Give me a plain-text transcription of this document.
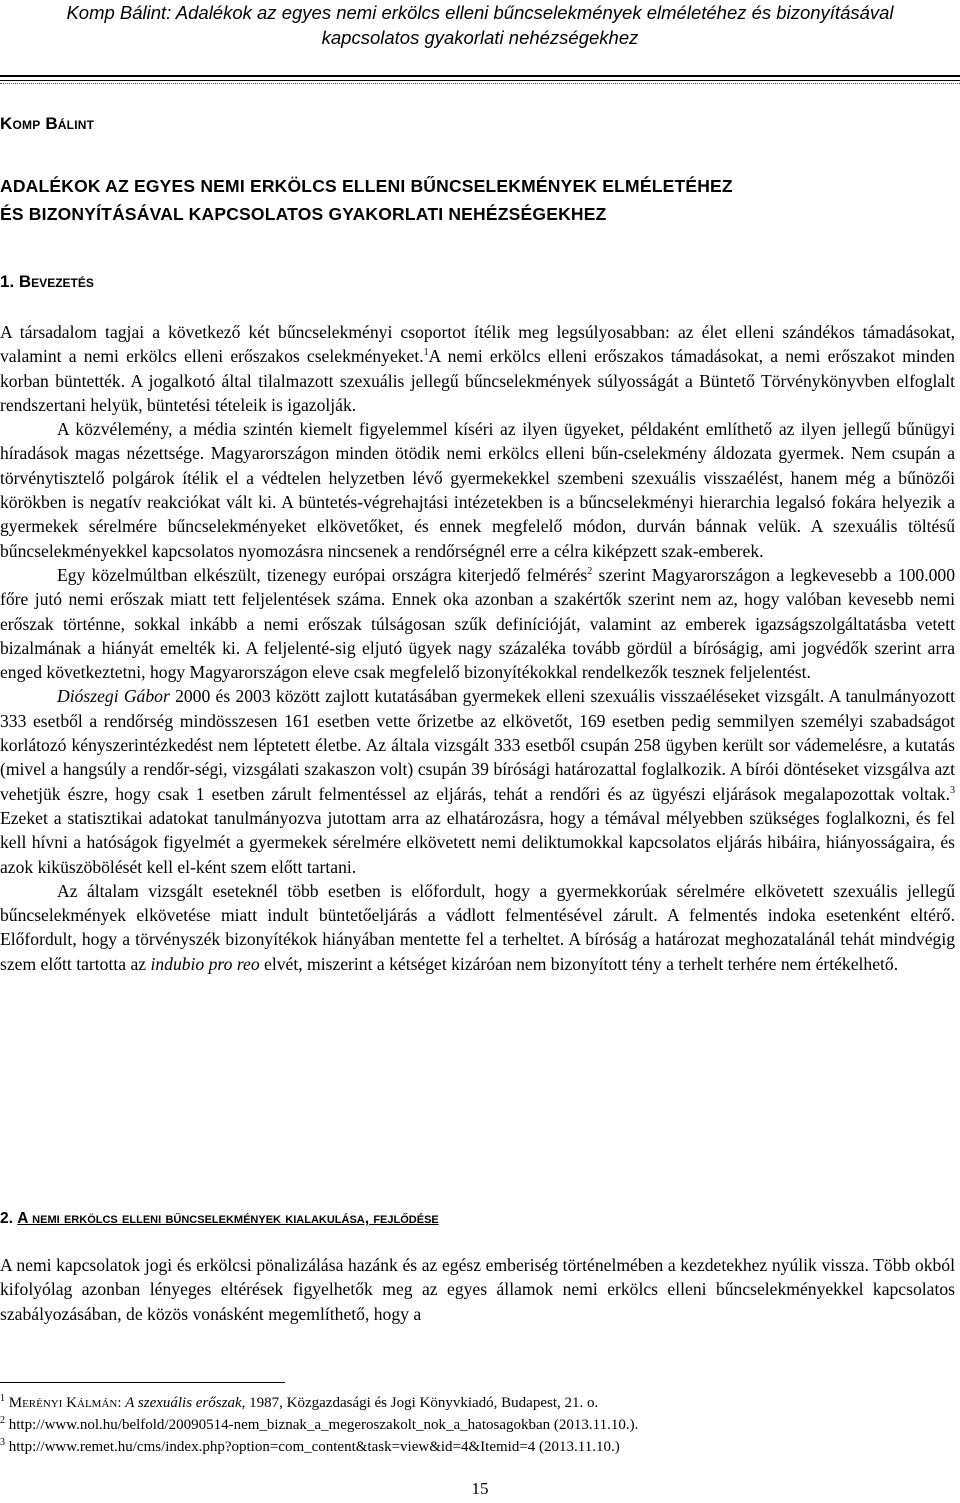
Komp Bálint: Adalékok az egyes nemi erkölcs elleni bűncselekmények elméletéhez és bizonyításával
kapcsolatos gyakorlati nehézségekhez
Komp Bálint
ADALÉKOK AZ EGYES NEMI ERKÖLCS ELLENI BŰNCSELEKMÉNYEK ELMÉLETÉHEZ
ÉS BIZONYÍTÁSÁVAL KAPCSOLATOS GYAKORLATI NEHÉZSÉGEKHEZ
1. Bevezetés

A társadalom tagjai a következő két bűncselekményi csoportot ítélik meg legsúlyosabban: az élet elleni szándékos támadásokat, valamint a nemi erkölcs elleni erőszakos cselekményeket.$^1$A nemi erkölcs elleni erőszakos támadásokat, a nemi erőszakot minden korban büntették. A jogalkotó által tilalmazott szexuális jellegű bűncselekmények súlyosságát a Büntető Törvénykönyvben elfoglalt rendszertani helyük, büntetési tételeik is igazolják.

A közvélemény, a média szintén kiemelt figyelemmel kíséri az ilyen ügyeket, példaként említhető az ilyen jellegű bűnügyi híradások magas nézettsége. Magyarországon minden ötödik nemi erkölcs elleni bűn-cselekmény áldozata gyermek. Nem csupán a törvénytisztelő polgárok ítélik el a védtelen helyzetben lévő gyermekekkel szembeni szexuális visszaélést, hanem még a bűnözői körökben is negatív reakciókat vált ki. A büntetés-végrehajtási intézetekben is a bűncselekményi hierarchia legalsó fokára helyezik a gyermekek sérelmére bűncselekményeket elkövetőket, és ennek megfelelő módon, durván bánnak velük. A szexuális töltésű bűncselekményekkel kapcsolatos nyomozásra nincsenek a rendőrségnél erre a célra kiképzett szak-emberek.

Egy közelmúltban elkészült, tizenegy európai országra kiterjedő felmérés$^2$ szerint Magyarországon a legkevesebb a 100.000 főre jutó nemi erőszak miatt tett feljelentések száma. Ennek oka azonban a szakértők szerint nem az, hogy valóban kevesebb nemi erőszak történne, sokkal inkább a nemi erőszak túlságosan szűk definícióját, valamint az emberek igazságszolgáltatásba vetett bizalmának a hiányát emelték ki. A feljelenté-sig eljutó ügyek nagy százaléka tovább gördül a bíróságig, ami jogvédők szerint arra enged következtetni, hogy Magyarországon eleve csak megfelelő bizonyítékokkal rendelkezők tesznek feljelentést.

Diószegi Gábor 2000 és 2003 között zajlott kutatásában gyermekek elleni szexuális visszaéléseket vizsgált. A tanulmányozott 333 esetből a rendőrség mindösszesen 161 esetben vette őrizetbe az elkövetőt, 169 esetben pedig semmilyen személyi szabadságot korlátozó kényszerintézkedést nem léptetett életbe. Az általa vizsgált 333 esetből csupán 258 ügyben került sor vádemelésre, a kutatás (mivel a hangsúly a rendőr-ségi, vizsgálati szakaszon volt) csupán 39 bírósági határozattal foglalkozik. A bírói döntéseket vizsgálva azt vehetjük észre, hogy csak 1 esetben zárult felmentéssel az eljárás, tehát a rendőri és az ügyészi eljárások megalapozottak voltak.$^3$ Ezeket a statisztikai adatokat tanulmányozva jutottam arra az elhatározásra, hogy a témával mélyebben szükséges foglalkozni, és fel kell hívni a hatóságok figyelmét a gyermekek sérelmére elkövetett nemi deliktumokkal kapcsolatos eljárás hibáira, hiányosságaira, és azok kiküszöbölését kell el-ként szem előtt tartani.

Az általam vizsgált eseteknél több esetben is előfordult, hogy a gyermekkorúak sérelmére elkövetett szexuális jellegű bűncselekmények elkövetése miatt indult büntetőeljárás a vádlott felmentésével zárult. A felmentés indoka esetenként eltérő. Előfordult, hogy a törvényszék bizonyítékok hiányában mentette fel a terheltet. A bíróság a határozat meghozatalánál tehát mindvégig szem előtt tartotta az indubio pro reo elvét, miszerint a kétséget kizáróan nem bizonyított tény a terhelt terhére nem értékelhető.

2. A nemi erkölcs elleni bűncselekmények kialakulása, fejlődése

A nemi kapcsolatok jogi és erkölcsi pönalizálása hazánk és az egész emberiség történelmében a kezdetekhez nyúlik vissza. Több okból kifolyólag azonban lényeges eltérések figyelhetők meg az egyes államok nemi erkölcs elleni bűncselekményekkel kapcsolatos szabályozásában, de közös vonásként megemlíthető, hogy a

$^1$ Merényi Kálmán: A szexuális erőszak, 1987, Közgazdasági és Jogi Könyvkiadó, Budapest, 21. o.
$^2$ http://www.nol.hu/belfold/20090514-nem_biznak_a_megeroszakolt_nok_a_hatosagokban (2013.11.10.).
$^3$ http://www.remet.hu/cms/index.php?option=com_content&task=view&id=4&Itemid=4 (2013.11.10.)
15
